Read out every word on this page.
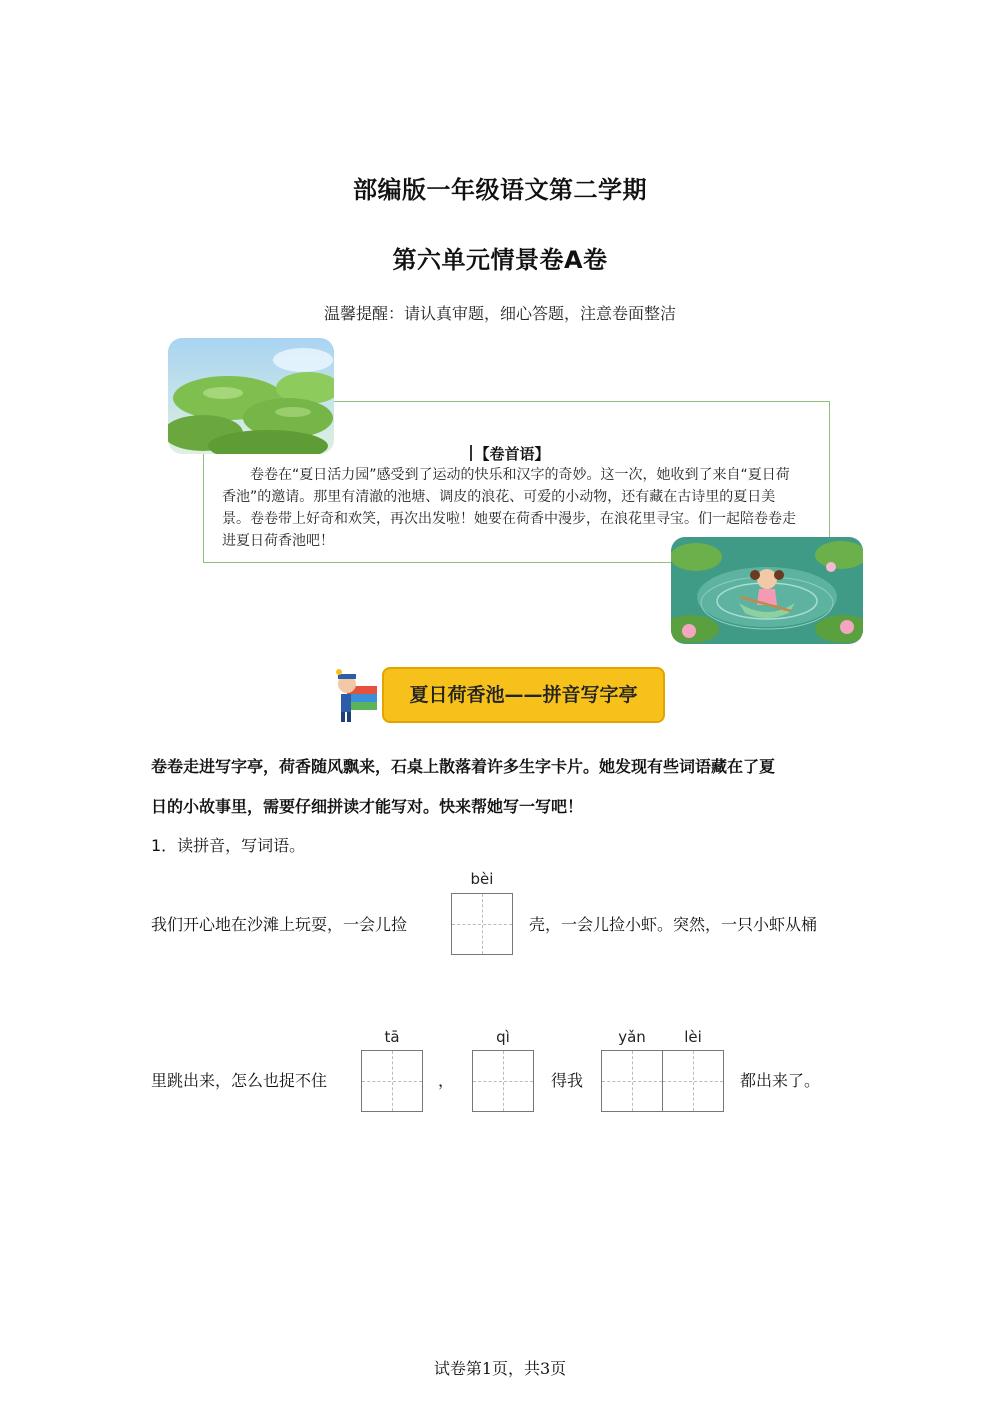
部编版一年级语文第二学期
第六单元情景卷A卷
温馨提醒：请认真审题，细心答题，注意卷面整洁
【卷首语】
卷卷在“夏日活力园”感受到了运动的快乐和汉字的奇妙。这一次，她收到了来自“夏日荷香池”的邀请。那里有清澈的池塘、调皮的浪花、可爱的小动物，还有藏在古诗里的夏日美景。卷卷带上好奇和欢笑，再次出发啦！她要在荷香中漫步，在浪花里寻宝。们一起陪卷卷走进夏日荷香池吧！
夏日荷香池——拼音写字亭
卷卷走进写字亭，荷香随风飘来，石桌上散落着许多生字卡片。她发现有些词语藏在了夏
日的小故事里，需要仔细拼读才能写对。快来帮她写一写吧！
1．读拼音，写词语。
我们开心地在沙滩上玩耍，一会儿捡
bèi
壳，一会儿捡小虾。突然，一只小虾从桶
里跳出来，怎么也捉不住
tā
，
qì
得我
yǎn	lèi
都出来了。
试卷第1页，共3页
